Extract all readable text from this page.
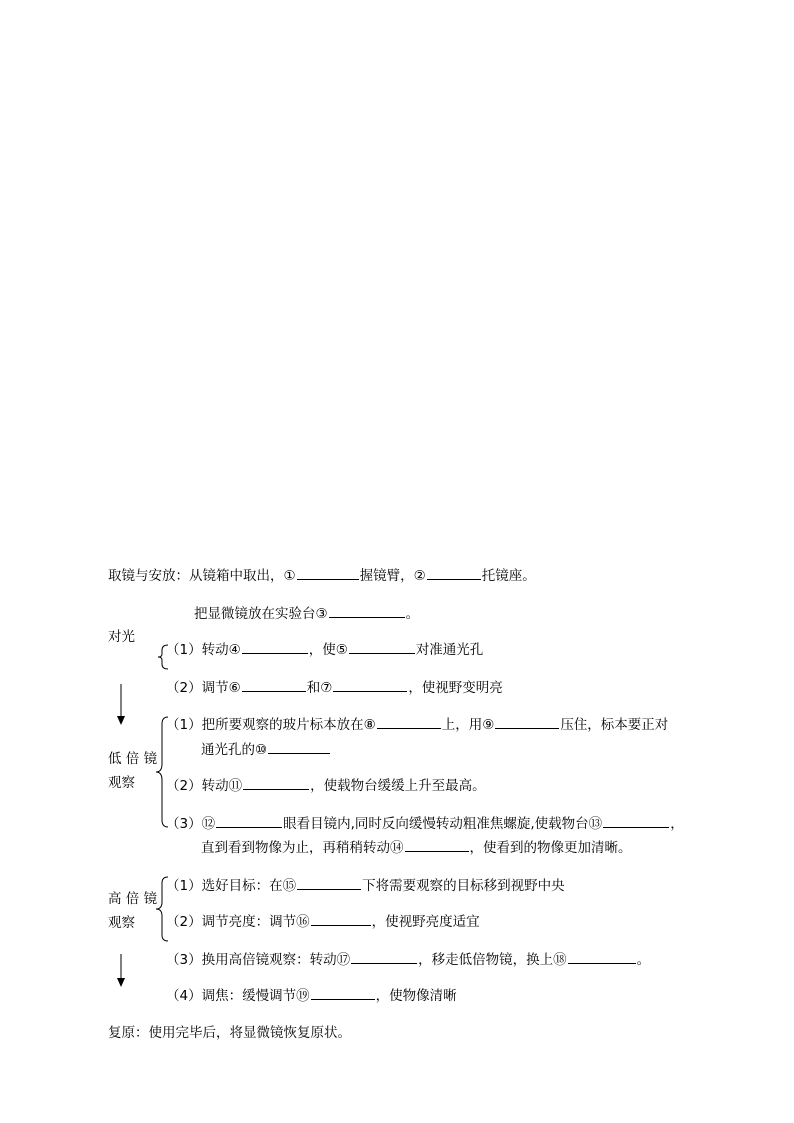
取镜与安放：从镜箱中取出，①	握镜臂，②	托镜座。
把显微镜放在实验台③	。
对光
（1）转动④	，使⑤	对准通光孔
（2）调节⑥	和⑦	，使视野变明亮
低 倍 镜
观察
（1）把所要观察的玻片标本放在⑧	上，用⑨	压住，标本要正对
通光孔的⑩
（2）转动⑪	，使载物台缓缓上升至最高。
（3）⑫	眼看目镜内,同时反向缓慢转动粗准焦螺旋,使载物台⑬	，
直到看到物像为止，再稍稍转动⑭	，使看到的物像更加清晰。
高 倍 镜
观察
（1）选好目标：在⑮	下将需要观察的目标移到视野中央
（2）调节亮度：调节⑯	，使视野亮度适宜
（3）换用高倍镜观察：转动⑰	，移走低倍物镜，换上⑱	。
（4）调焦：缓慢调节⑲	，使物像清晰
复原：使用完毕后，将显微镜恢复原状。
